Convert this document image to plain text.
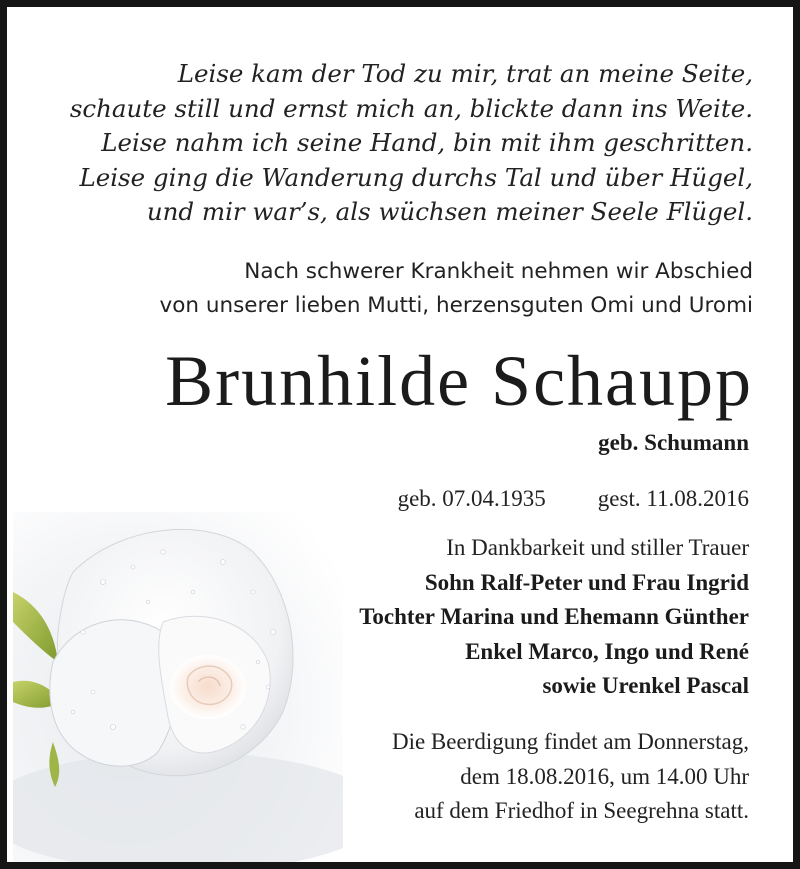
Leise kam der Tod zu mir, trat an meine Seite,
schaute still und ernst mich an, blickte dann ins Weite.
Leise nahm ich seine Hand, bin mit ihm geschritten.
Leise ging die Wanderung durchs Tal und über Hügel,
und mir war’s, als wüchsen meiner Seele Flügel.
Nach schwerer Krankheit nehmen wir Abschied
von unserer lieben Mutti, herzensguten Omi und Uromi
Brunhilde Schaupp
geb. Schumann
geb. 07.04.1935 gest. 11.08.2016
In Dankbarkeit und stiller Trauer
Sohn Ralf-Peter und Frau Ingrid
Tochter Marina und Ehemann Günther
Enkel Marco, Ingo und René
sowie Urenkel Pascal
Die Beerdigung findet am Donnerstag,
dem 18.08.2016, um 14.00 Uhr
auf dem Friedhof in Seegrehna statt.
